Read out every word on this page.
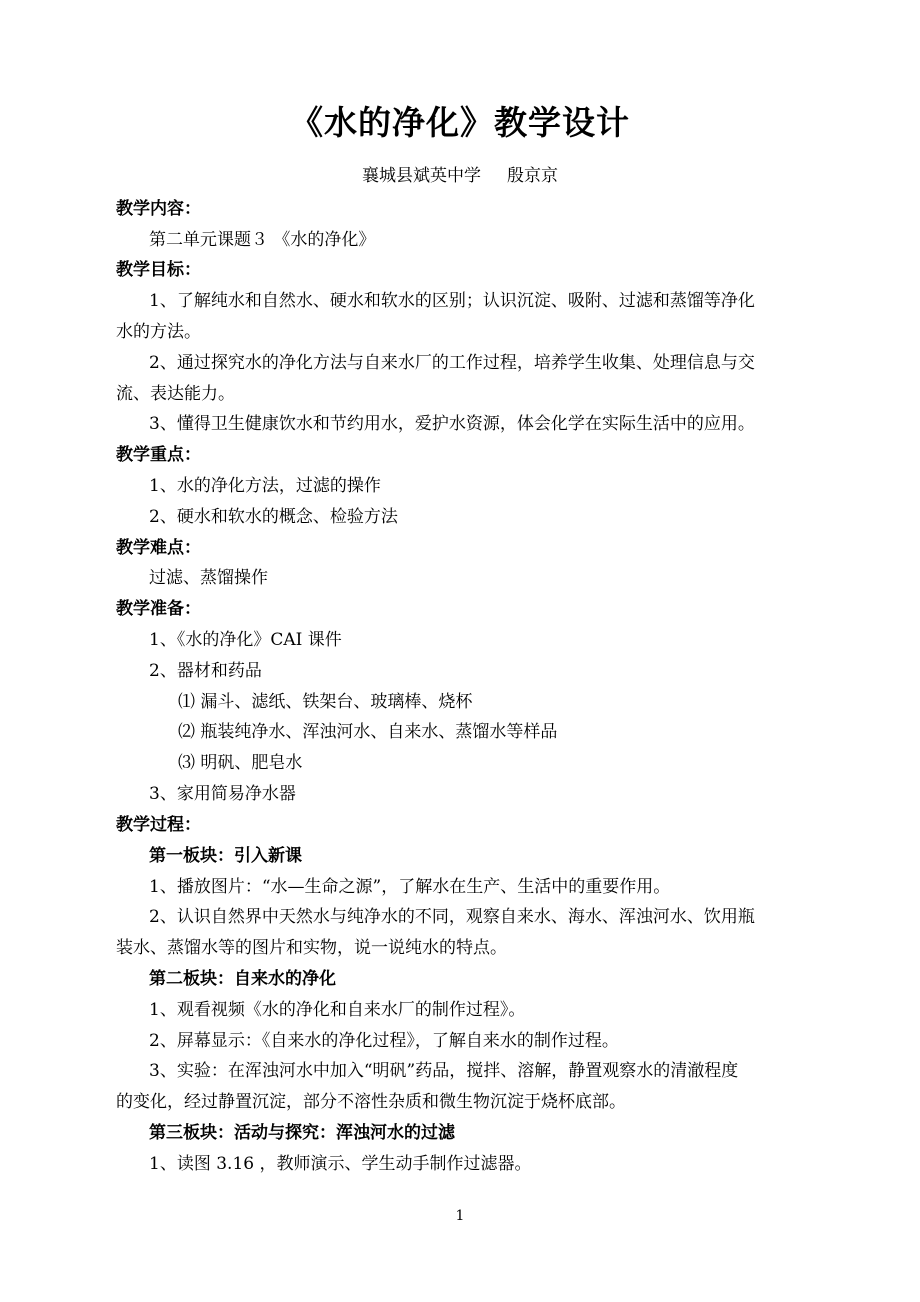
《水的净化》教学设计
襄城县斌英中学 殷京京
教学内容：
第二单元课题３ 《水的净化》
教学目标：
1、了解纯水和自然水、硬水和软水的区别；认识沉淀、吸附、过滤和蒸馏等净化
水的方法。
2、通过探究水的净化方法与自来水厂的工作过程，培养学生收集、处理信息与交
流、表达能力。
3、懂得卫生健康饮水和节约用水，爱护水资源，体会化学在实际生活中的应用。
教学重点：
1、水的净化方法，过滤的操作
2、硬水和软水的概念、检验方法
教学难点：
过滤、蒸馏操作
教学准备：
1、《水的净化》CAI 课件
2、器材和药品
⑴ 漏斗、滤纸、铁架台、玻璃棒、烧杯
⑵ 瓶装纯净水、浑浊河水、自来水、蒸馏水等样品
⑶ 明矾、肥皂水
3、家用简易净水器
教学过程：
第一板块：引入新课
1、播放图片：“水—生命之源”，了解水在生产、生活中的重要作用。
2、认识自然界中天然水与纯净水的不同，观察自来水、海水、浑浊河水、饮用瓶
装水、蒸馏水等的图片和实物，说一说纯水的特点。
第二板块：自来水的净化
1、观看视频《水的净化和自来水厂的制作过程》。
2、屏幕显示：《自来水的净化过程》，了解自来水的制作过程。
3、实验：在浑浊河水中加入“明矾”药品，搅拌、溶解，静置观察水的清澈程度
的变化，经过静置沉淀，部分不溶性杂质和微生物沉淀于烧杯底部。
第三板块：活动与探究：浑浊河水的过滤
1、读图 3.16 ，教师演示、学生动手制作过滤器。
1
